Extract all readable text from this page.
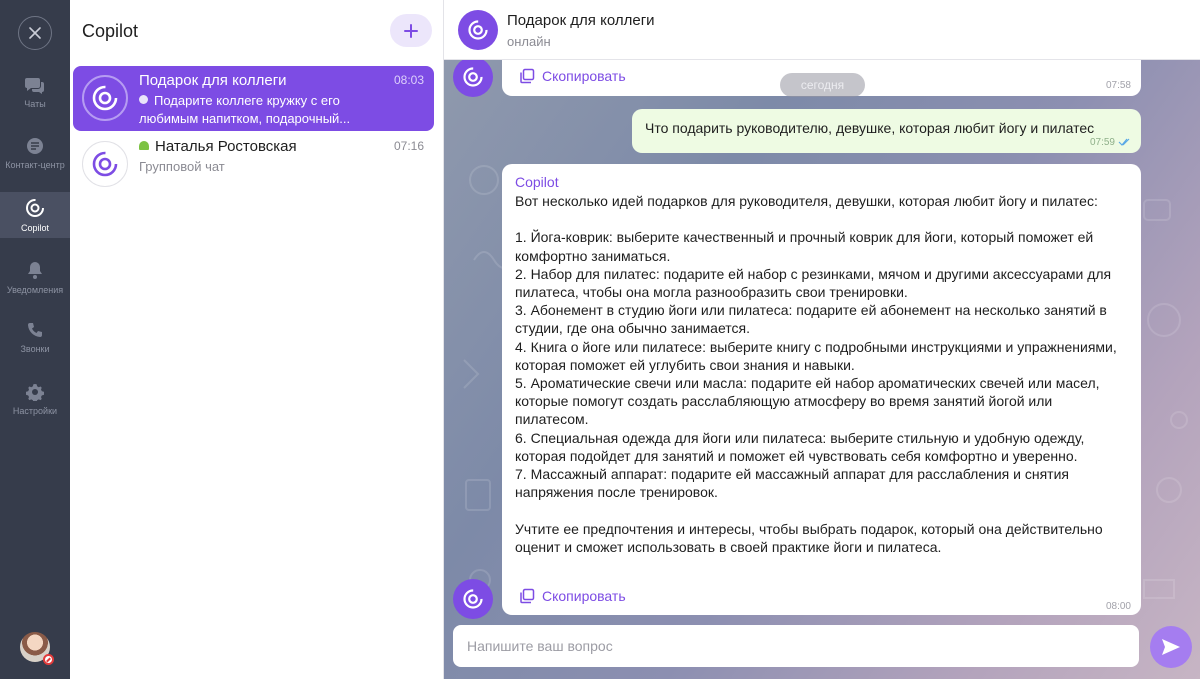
Чаты
Контакт-центр
Copilot
Уведомления
Звонки
Настройки
Copilot
Подарок для коллеги	08:03
Подарите коллеге кружку с его любимым напитком, подарочный...
Наталья Ростовская	07:16
Групповой чат
Подарок для коллеги
онлайн
Скопировать
07:58
сегодня
Что подарить руководителю, девушке, которая любит йогу и пилатес
07:59
Copilot

Вот несколько идей подарков для руководителя, девушки, которая любит йогу и пилатес:

1. Йога-коврик: выберите качественный и прочный коврик для йоги, который поможет ей комфортно заниматься.

2. Набор для пилатес: подарите ей набор с резинками, мячом и другими аксессуарами для пилатеса, чтобы она могла разнообразить свои тренировки.

3. Абонемент в студию йоги или пилатеса: подарите ей абонемент на несколько занятий в студии, где она обычно занимается.

4. Книга о йоге или пилатесе: выберите книгу с подробными инструкциями и упражнениями, которая поможет ей углубить свои знания и навыки.

5. Ароматические свечи или масла: подарите ей набор ароматических свечей или масел, которые помогут создать расслабляющую атмосферу во время занятий йогой или пилатесом.

6. Специальная одежда для йоги или пилатеса: выберите стильную и удобную одежду, которая подойдет для занятий и поможет ей чувствовать себя комфортно и уверенно.

7. Массажный аппарат: подарите ей массажный аппарат для расслабления и снятия напряжения после тренировок.

Учтите ее предпочтения и интересы, чтобы выбрать подарок, который она действительно оценит и сможет использовать в своей практике йоги и пилатеса.

Скопировать
08:00
Напишите ваш вопрос
